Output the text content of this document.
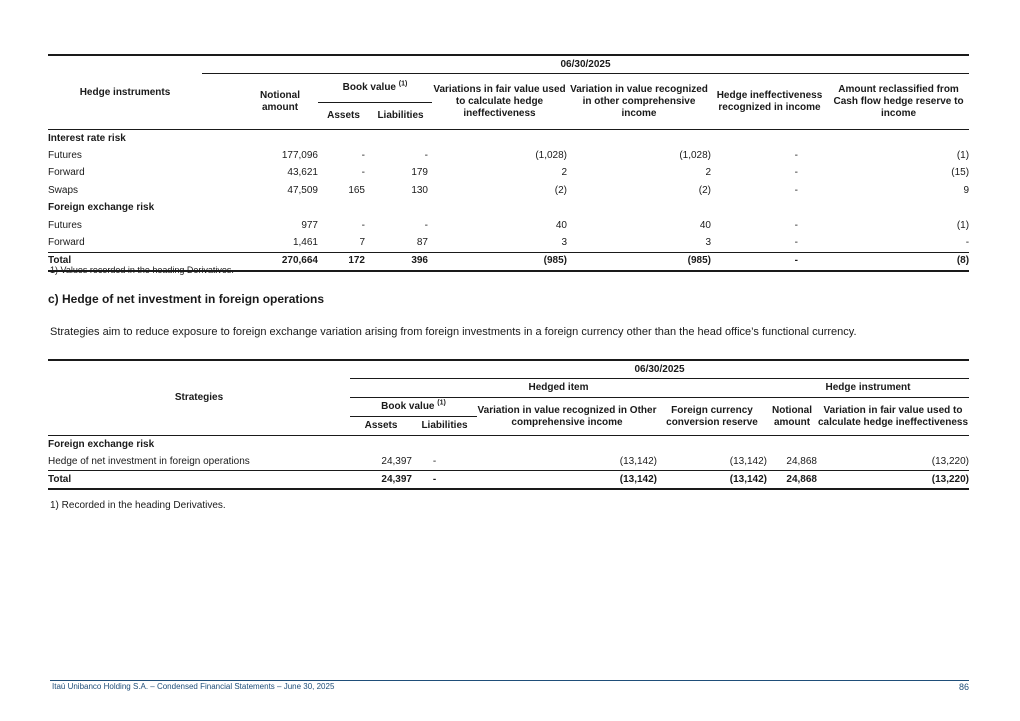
Hedge instruments	06/30/2025						
	Notional amount	Book value $^{(1)}$		Variations in fair value used to calculate hedge ineffectiveness	Variation in value recognized in other comprehensive income	Hedge ineffectiveness recognized in income	Amount reclassified from Cash flow hedge reserve to income
		Assets	Liabilities				
Interest rate risk							
Futures	177,096	-	-	(1,028)	(1,028)	-	(1)
Forward	43,621	-	179	2	2	-	(15)
Swaps	47,509	165	130	(2)	(2)	-	9
Foreign exchange risk							
Futures	977	-	-	40	40	-	(1)
Forward	1,461	7	87	3	3	-	-
Total	270,664	172	396	(985)	(985)	-	(8)
1) Values recorded in the heading Derivatives.
c) Hedge of net investment in foreign operations
Strategies aim to reduce exposure to foreign exchange variation arising from foreign investments in a foreign currency other than the head office’s functional currency.
Strategies	06/30/2025					
	Hedged item				Hedge instrument	
	Book value $^{(1)}$		Variation in value recognized in Other comprehensive income	Foreign currency conversion reserve	Notional amount	Variation in fair value used to calculate hedge ineffectiveness
	Assets	Liabilities				
Foreign exchange risk						
Hedge of net investment in foreign operations	24,397	-	(13,142)	(13,142)	24,868	(13,220)
Total	24,397	-	(13,142)	(13,142)	24,868	(13,220)
1) Recorded in the heading Derivatives.
Itaú Unibanco Holding S.A. – Condensed Financial Statements – June 30, 2025	86
